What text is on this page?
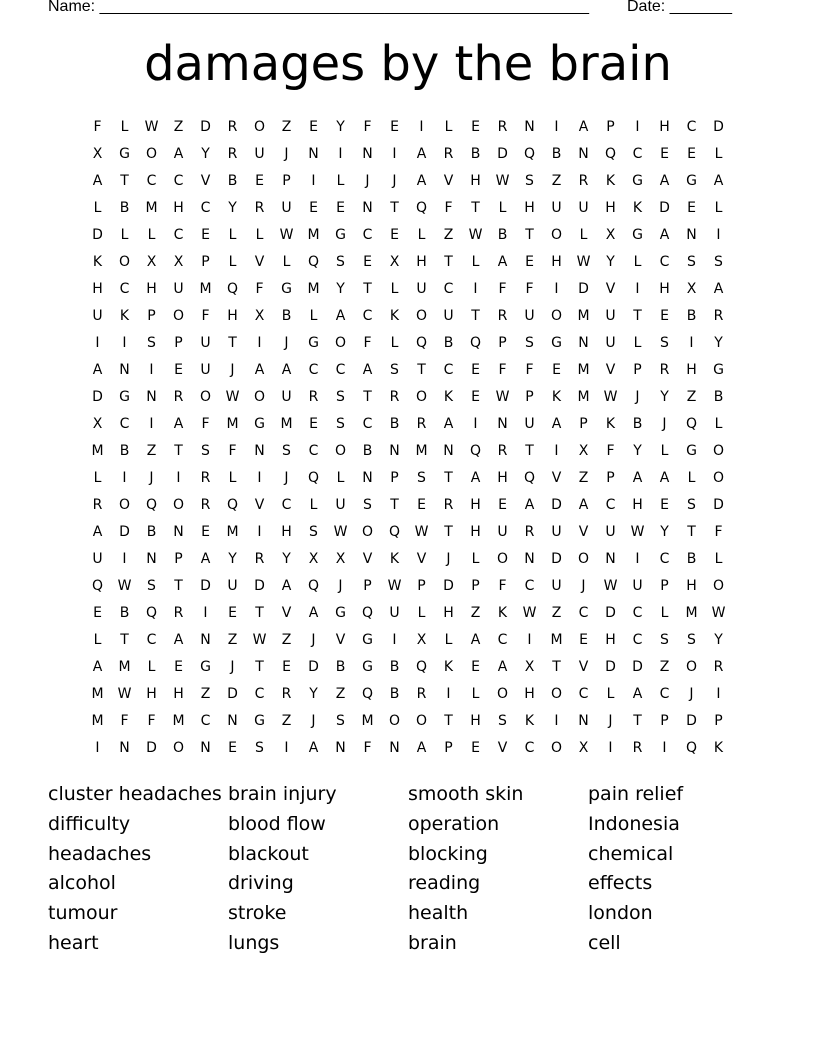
Name: _______________________________________________________ Date: _______
damages by the brain
F	L	W	Z	D	R	O	Z	E	Y	F	E	I	L	E	R	N	I	A	P	I	H	C	D
X	G	O	A	Y	R	U	J	N	I	N	I	A	R	B	D	Q	B	N	Q	C	E	E	L
A	T	C	C	V	B	E	P	I	L	J	J	A	V	H	W	S	Z	R	K	G	A	G	A
L	B	M	H	C	Y	R	U	E	E	N	T	Q	F	T	L	H	U	U	H	K	D	E	L
D	L	L	C	E	L	L	W	M	G	C	E	L	Z	W	B	T	O	L	X	G	A	N	I
K	O	X	X	P	L	V	L	Q	S	E	X	H	T	L	A	E	H	W	Y	L	C	S	S
H	C	H	U	M	Q	F	G	M	Y	T	L	U	C	I	F	F	I	D	V	I	H	X	A
U	K	P	O	F	H	X	B	L	A	C	K	O	U	T	R	U	O	M	U	T	E	B	R
I	I	S	P	U	T	I	J	G	O	F	L	Q	B	Q	P	S	G	N	U	L	S	I	Y
A	N	I	E	U	J	A	A	C	C	A	S	T	C	E	F	F	E	M	V	P	R	H	G
D	G	N	R	O	W	O	U	R	S	T	R	O	K	E	W	P	K	M	W	J	Y	Z	B
X	C	I	A	F	M	G	M	E	S	C	B	R	A	I	N	U	A	P	K	B	J	Q	L
M	B	Z	T	S	F	N	S	C	O	B	N	M	N	Q	R	T	I	X	F	Y	L	G	O
L	I	J	I	R	L	I	J	Q	L	N	P	S	T	A	H	Q	V	Z	P	A	A	L	O
R	O	Q	O	R	Q	V	C	L	U	S	T	E	R	H	E	A	D	A	C	H	E	S	D
A	D	B	N	E	M	I	H	S	W	O	Q	W	T	H	U	R	U	V	U	W	Y	T	F
U	I	N	P	A	Y	R	Y	X	X	V	K	V	J	L	O	N	D	O	N	I	C	B	L
Q	W	S	T	D	U	D	A	Q	J	P	W	P	D	P	F	C	U	J	W	U	P	H	O
E	B	Q	R	I	E	T	V	A	G	Q	U	L	H	Z	K	W	Z	C	D	C	L	M	W
L	T	C	A	N	Z	W	Z	J	V	G	I	X	L	A	C	I	M	E	H	C	S	S	Y
A	M	L	E	G	J	T	E	D	B	G	B	Q	K	E	A	X	T	V	D	D	Z	O	R
M	W	H	H	Z	D	C	R	Y	Z	Q	B	R	I	L	O	H	O	C	L	A	C	J	I
M	F	F	M	C	N	G	Z	J	S	M	O	O	T	H	S	K	I	N	J	T	P	D	P
I	N	D	O	N	E	S	I	A	N	F	N	A	P	E	V	C	O	X	I	R	I	Q	K
cluster headaches
difficulty
headaches
alcohol
tumour
heart
brain injury
blood flow
blackout
driving
stroke
lungs
smooth skin
operation
blocking
reading
health
brain
pain relief
Indonesia
chemical
effects
london
cell
